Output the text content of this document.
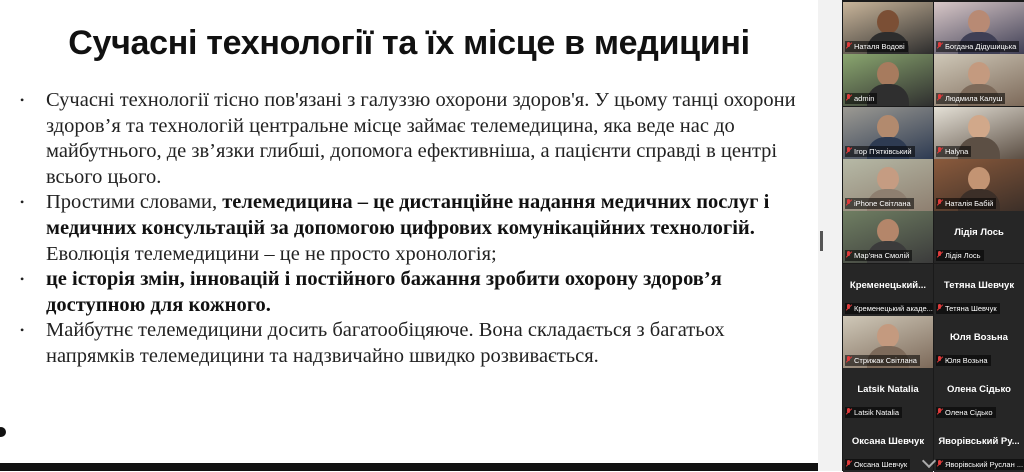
Сучасні технології та їх місце в медицині
• Сучасні технології тісно пов'язані з галуззю охорони здоров'я. У цьому танці охорони здоров’я та технологій центральне місце займає телемедицина, яка веде нас до майбутнього, де зв’язки глибші, допомога ефективніша, а пацієнти справді в центрі всього цього.
• Простими словами, телемедицина – це дистанційне надання медичних послуг і медичних консультацій за допомогою цифрових комунікаційних технологій. Еволюція телемедицини – це не просто хронологія;
• це історія змін, інновацій і постійного бажання зробити охорону здоров’я доступною для кожного.
• Майбутнє телемедицини досить багатообіцяюче. Вона складається з багатьох напрямків телемедицини та надзвичайно швидко розвивається.
Наталя Водові	Богдана Дідушицька
admin	Людмила Калуш
Ігор П'ятківський	Halyna
iPhone Світлана	Наталія Бабій
Мар'яна Смолій
Лідія Лось
Лідія Лось
Кременецький...
Кременецький акаде...
Тетяна Шевчук
Тетяна Шевчук
Стрижак Світлана
Юля Возьна
Юля Возьна
Latsik Natalia
Latsik Natalia
Олена Сідько
Олена Сідько
Оксана Шевчук
Оксана Шевчук
Яворівський Ру...
Яворівський Руслан ...
